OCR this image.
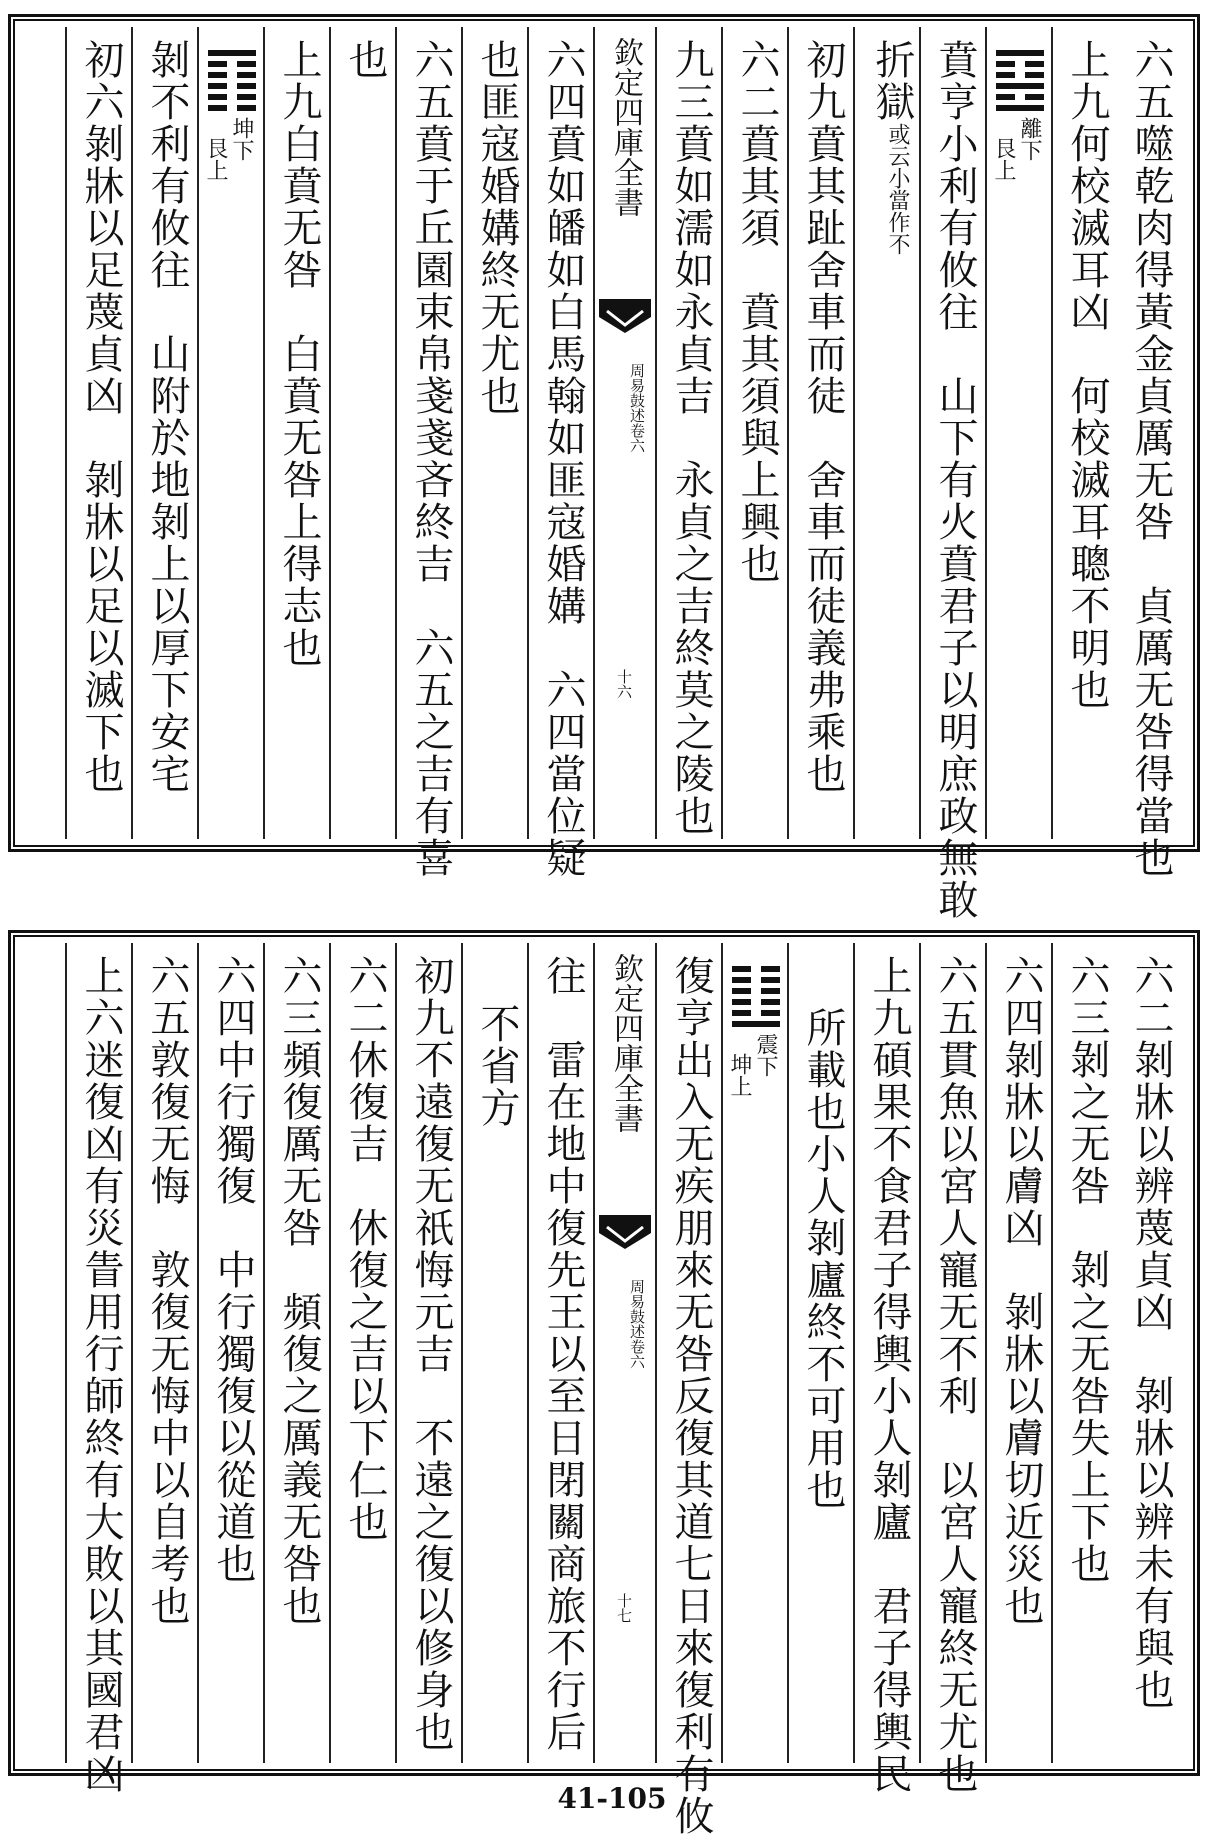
六五噬乾肉得黃金貞厲无咎　貞厲无咎得當也
上九何校滅耳凶　何校滅耳聰不明也
離下
艮上
賁亨小利有攸往　山下有火賁君子以明庶政無敢
折獄
或云小當作不
初九賁其趾舍車而徒　舍車而徒義弗乘也
六二賁其須　賁其須與上興也
九三賁如濡如永貞吉　永貞之吉終莫之陵也
欽定四庫全書
周易鼓述卷六
十六
六四賁如皤如白馬翰如匪寇婚媾　六四當位疑
也匪寇婚媾終无尤也
六五賁于丘園束帛戔戔吝終吉　六五之吉有喜
也
上九白賁无咎　白賁无咎上得志也
坤下
艮上
剝不利有攸往　山附於地剝上以厚下安宅
初六剝牀以足蔑貞凶　剝牀以足以滅下也
六二剝牀以辨蔑貞凶　剝牀以辨未有與也
六三剝之无咎　剝之无咎失上下也
六四剝牀以膚凶　剝牀以膚切近災也
六五貫魚以宮人寵无不利　以宮人寵終无尤也
上九碩果不食君子得輿小人剝廬　君子得輿民
所載也小人剝廬終不可用也
震下
坤上
復亨出入无疾朋來无咎反復其道七日來復利有攸
欽定四庫全書
周易鼓述卷六
十七
往　雷在地中復先王以至日閉關商旅不行后
不省方
初九不遠復无祇悔元吉　不遠之復以修身也
六二休復吉　休復之吉以下仁也
六三頻復厲无咎　頻復之厲義无咎也
六四中行獨復　中行獨復以從道也
六五敦復无悔　敦復无悔中以自考也
上六迷復凶有災眚用行師終有大敗以其國君凶
41-105
